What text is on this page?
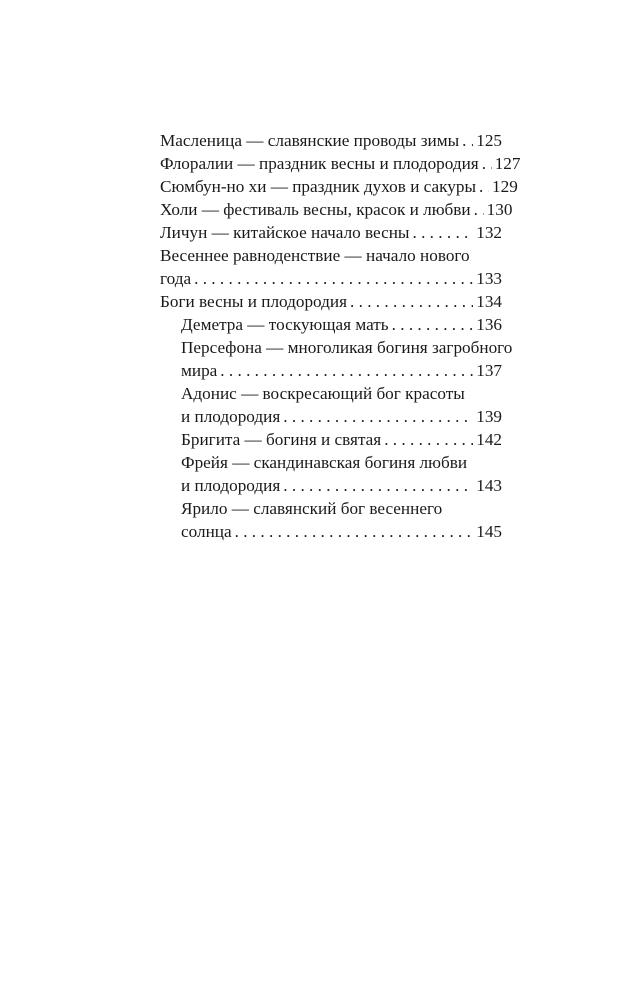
Масленица — славянские проводы зимы . . . 125
Флоралии — праздник весны и плодородия . . . 127
Сюмбун-но хи — праздник духов и сакуры . . . 129
Холи — фестиваль весны, красок и любви . . . 130
Личун — китайское начало весны . . .	132
Весеннее равноденствие — начало нового
года . . .	133
Боги весны и плодородия . . .	134
Деметра — тоскующая мать . . .	136
Персефона — многоликая богиня загробного
мира . . .	137
Адонис — воскресающий бог красоты
и плодородия . . .	139
Бригита — богиня и святая . . .	142
Фрейя — скандинавская богиня любви
и плодородия . . .	143
Ярило — славянский бог весеннего
солнца . . .	145
